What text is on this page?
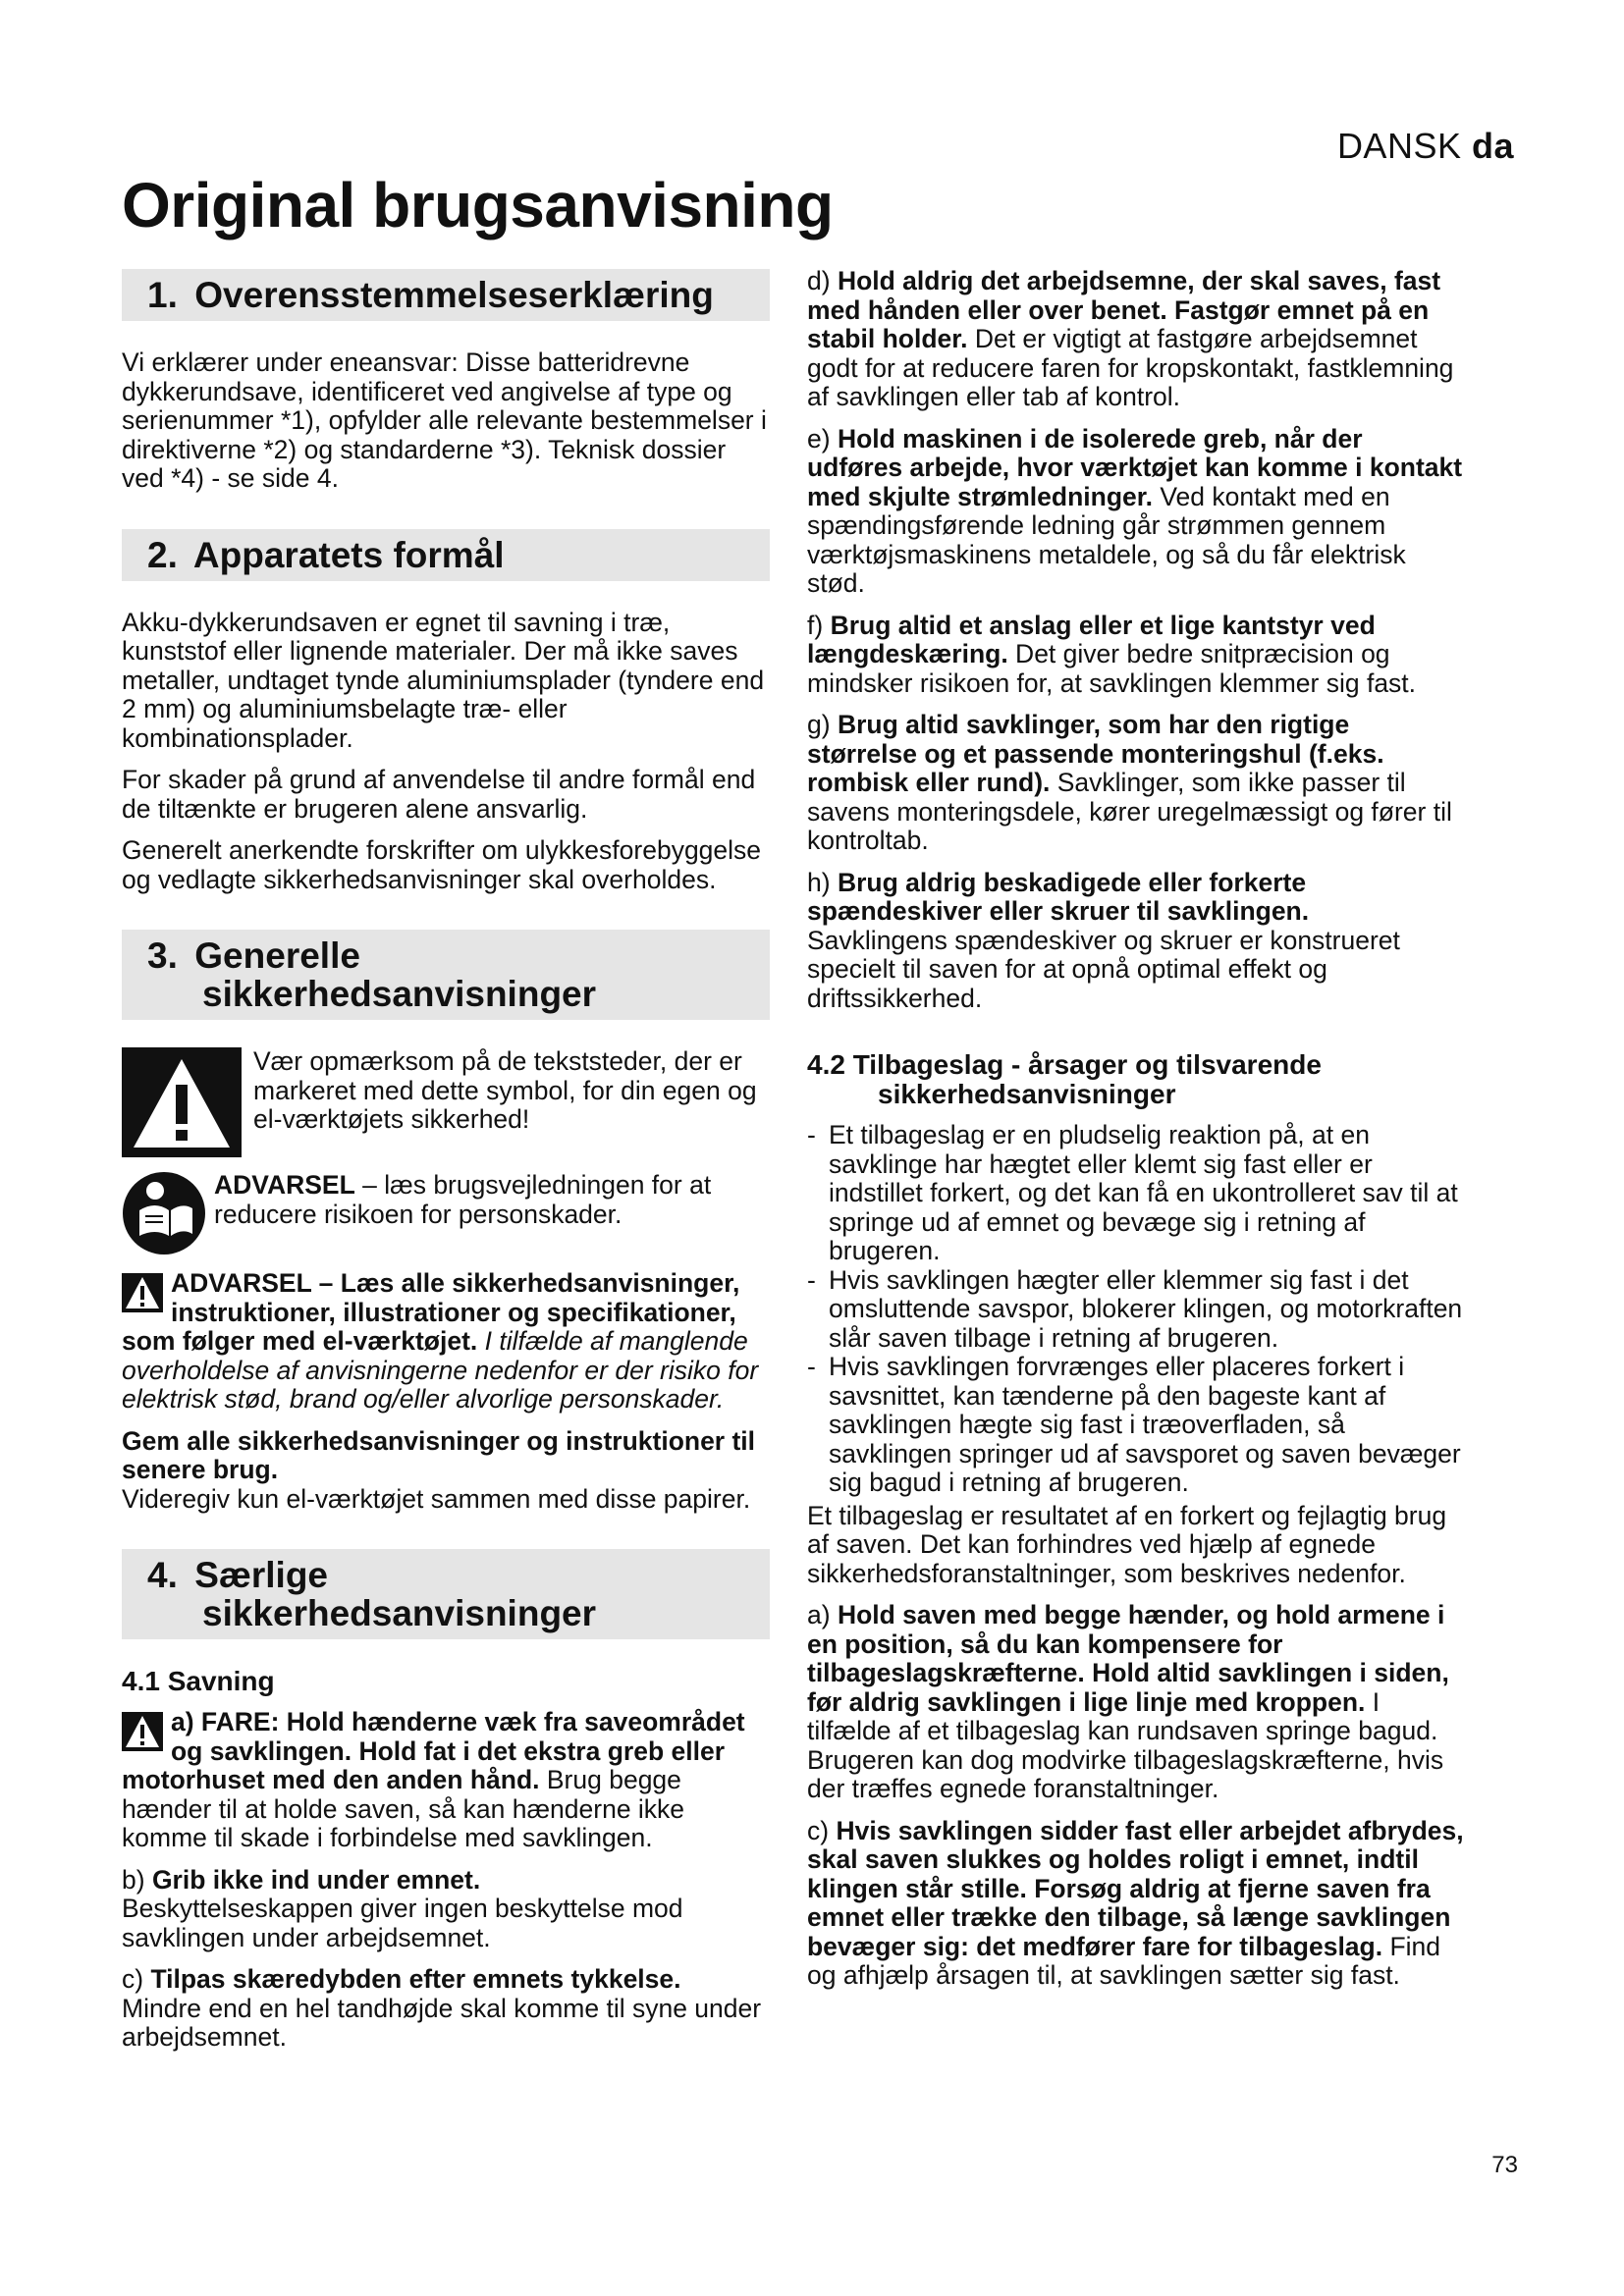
DANSK da
Original brugsanvisning
1. Overensstemmelseserklæring

Vi erklærer under eneansvar: Disse batteridrevne dykkerundsave, identificeret ved angivelse af type og serienummer *1), opfylder alle relevante bestemmelser i direktiverne *2) og standarderne *3). Teknisk dossier ved *4) - se side 4.

2. Apparatets formål

Akku-dykkerundsaven er egnet til savning i træ, kunststof eller lignende materialer. Der må ikke saves metaller, undtaget tynde aluminiumsplader (tyndere end 2 mm) og aluminiumsbelagte træ- eller kombinationsplader.

For skader på grund af anvendelse til andre formål end de tiltænkte er brugeren alene ansvarlig.

Generelt anerkendte forskrifter om ulykkesforebyggelse og vedlagte sikkerhedsanvisninger skal overholdes.

3. Generelle
sikkerhedsanvisninger
Vær opmærksom på de tekststeder, der er markeret med dette symbol, for din egen og el-værktøjets sikkerhed!
ADVARSEL – læs brugsvejledningen for at reducere risikoen for personskader.

ADVARSEL – Læs alle sikkerhedsanvisninger, instruktioner, illustrationer og specifikationer, som følger med el-værktøjet. I tilfælde af manglende overholdelse af anvisningerne nedenfor er der risiko for elektrisk stød, brand og/eller alvorlige personskader.

Gem alle sikkerhedsanvisninger og instruktioner til senere brug.

Videregiv kun el-værktøjet sammen med disse papirer.

4. Særlige
sikkerhedsanvisninger
4.1 Savning

a) FARE: Hold hænderne væk fra saveområdet og savklingen. Hold fat i det ekstra greb eller motorhuset med den anden hånd. Brug begge hænder til at holde saven, så kan hænderne ikke komme til skade i forbindelse med savklingen.

b) Grib ikke ind under emnet.
Beskyttelseskappen giver ingen beskyttelse mod savklingen under arbejdsemnet.

c) Tilpas skæredybden efter emnets tykkelse.
Mindre end en hel tandhøjde skal komme til syne under arbejdsemnet.

d) Hold aldrig det arbejdsemne, der skal saves, fast med hånden eller over benet. Fastgør emnet på en stabil holder. Det er vigtigt at fastgøre arbejdsemnet godt for at reducere faren for kropskontakt, fastklemning af savklingen eller tab af kontrol.

e) Hold maskinen i de isolerede greb, når der udføres arbejde, hvor værktøjet kan komme i kontakt med skjulte strømledninger. Ved kontakt med en spændingsførende ledning går strømmen gennem værktøjsmaskinens metaldele, og så du får elektrisk stød.

f) Brug altid et anslag eller et lige kantstyr ved længdeskæring. Det giver bedre snitpræcision og mindsker risikoen for, at savklingen klemmer sig fast.

g) Brug altid savklinger, som har den rigtige størrelse og et passende monteringshul (f.eks. rombisk eller rund). Savklinger, som ikke passer til savens monteringsdele, kører uregelmæssigt og fører til kontroltab.

h) Brug aldrig beskadigede eller forkerte spændeskiver eller skruer til savklingen.
Savklingens spændeskiver og skruer er konstrueret specielt til saven for at opnå optimal effekt og driftssikkerhed.

4.2 Tilbageslag - årsager og tilsvarende
sikkerhedsanvisninger
- Et tilbageslag er en pludselig reaktion på, at en savklinge har hægtet eller klemt sig fast eller er indstillet forkert, og det kan få en ukontrolleret sav til at springe ud af emnet og bevæge sig i retning af brugeren.
- Hvis savklingen hægter eller klemmer sig fast i det omsluttende savspor, blokerer klingen, og motorkraften slår saven tilbage i retning af brugeren.
- Hvis savklingen forvrænges eller placeres forkert i savsnittet, kan tænderne på den bageste kant af savklingen hægte sig fast i træoverfladen, så savklingen springer ud af savsporet og saven bevæger sig bagud i retning af brugeren.

Et tilbageslag er resultatet af en forkert og fejlagtig brug af saven. Det kan forhindres ved hjælp af egnede sikkerhedsforanstaltninger, som beskrives nedenfor.

a) Hold saven med begge hænder, og hold armene i en position, så du kan kompensere for tilbageslagskræfterne. Hold altid savklingen i siden, før aldrig savklingen i lige linje med kroppen. I tilfælde af et tilbageslag kan rundsaven springe bagud. Brugeren kan dog modvirke tilbageslagskræfterne, hvis der træffes egnede foranstaltninger.

c) Hvis savklingen sidder fast eller arbejdet afbrydes, skal saven slukkes og holdes roligt i emnet, indtil klingen står stille. Forsøg aldrig at fjerne saven fra emnet eller trække den tilbage, så længe savklingen bevæger sig: det medfører fare for tilbageslag. Find og afhjælp årsagen til, at savklingen sætter sig fast.

73
